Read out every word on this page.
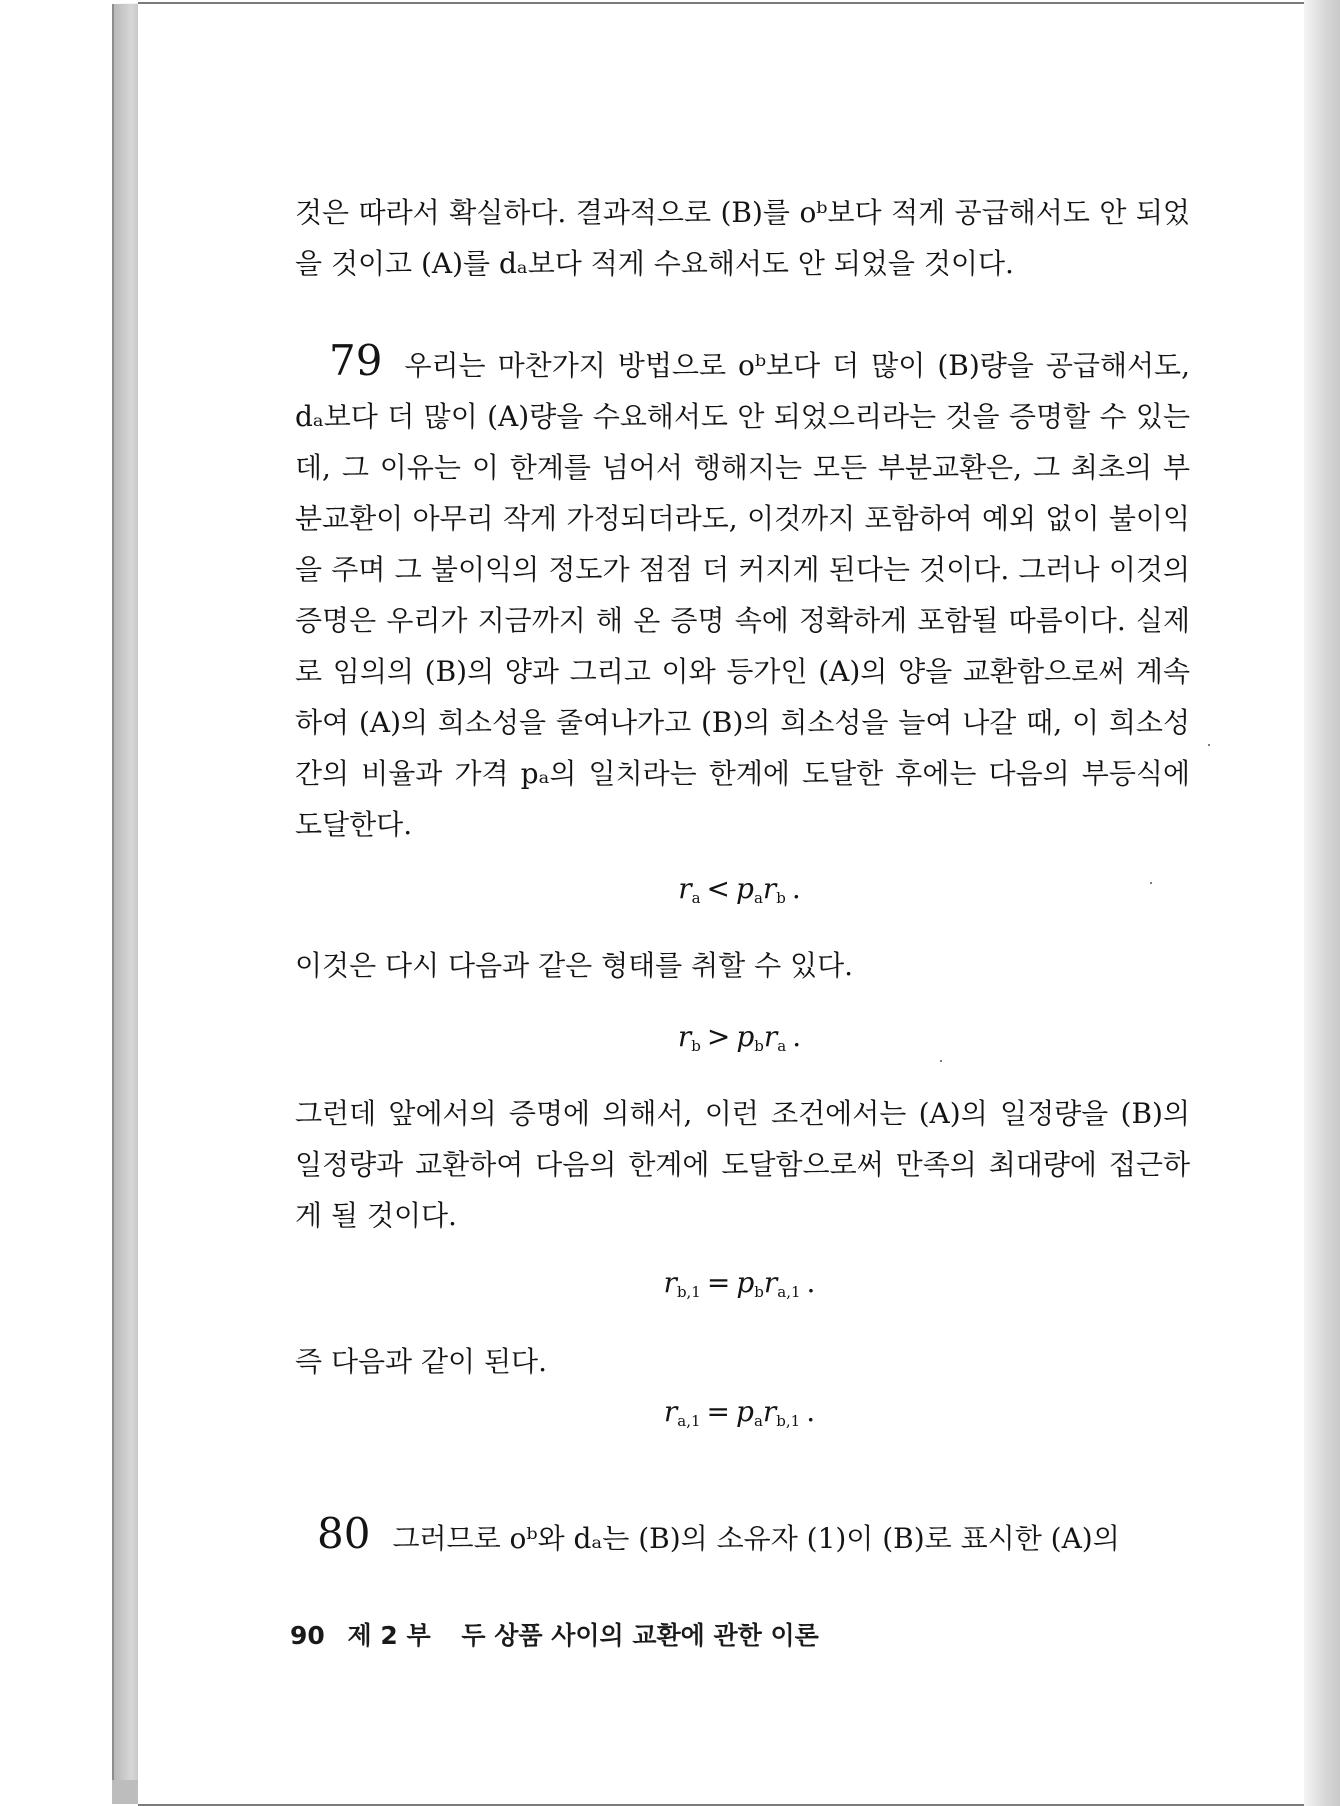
것은 따라서 확실하다. 결과적으로 (B)를 oᵇ보다 적게 공급해서도 안 되었을 것이고 (A)를 dₐ보다 적게 수요해서도 안 되었을 것이다.
79 우리는 마찬가지 방법으로 oᵇ보다 더 많이 (B)량을 공급해서도, dₐ보다 더 많이 (A)량을 수요해서도 안 되었으리라는 것을 증명할 수 있는데, 그 이유는 이 한계를 넘어서 행해지는 모든 부분교환은, 그 최초의 부분교환이 아무리 작게 가정되더라도, 이것까지 포함하여 예외 없이 불이익을 주며 그 불이익의 정도가 점점 더 커지게 된다는 것이다. 그러나 이것의 증명은 우리가 지금까지 해 온 증명 속에 정확하게 포함될 따름이다. 실제로 임의의 (B)의 양과 그리고 이와 등가인 (A)의 양을 교환함으로써 계속하여 (A)의 희소성을 줄여나가고 (B)의 희소성을 늘여 나갈 때, 이 희소성간의 비율과 가격 pₐ의 일치라는 한계에 도달한 후에는 다음의 부등식에 도달한다.
$r_a < p_ar_b$ .
이것은 다시 다음과 같은 형태를 취할 수 있다.
$r_b > p_br_a$ .
그런데 앞에서의 증명에 의해서, 이런 조건에서는 (A)의 일정량을 (B)의 일정량과 교환하여 다음의 한계에 도달함으로써 만족의 최대량에 접근하게 될 것이다.
$r_{b,1} = p_br_{a,1}$ .
즉 다음과 같이 된다.
$r_{a,1} = p_ar_{b,1}$ .
80 그러므로 oᵇ와 dₐ는 (B)의 소유자 (1)이 (B)로 표시한 (A)의
90 제 2 부 두 상품 사이의 교환에 관한 이론
